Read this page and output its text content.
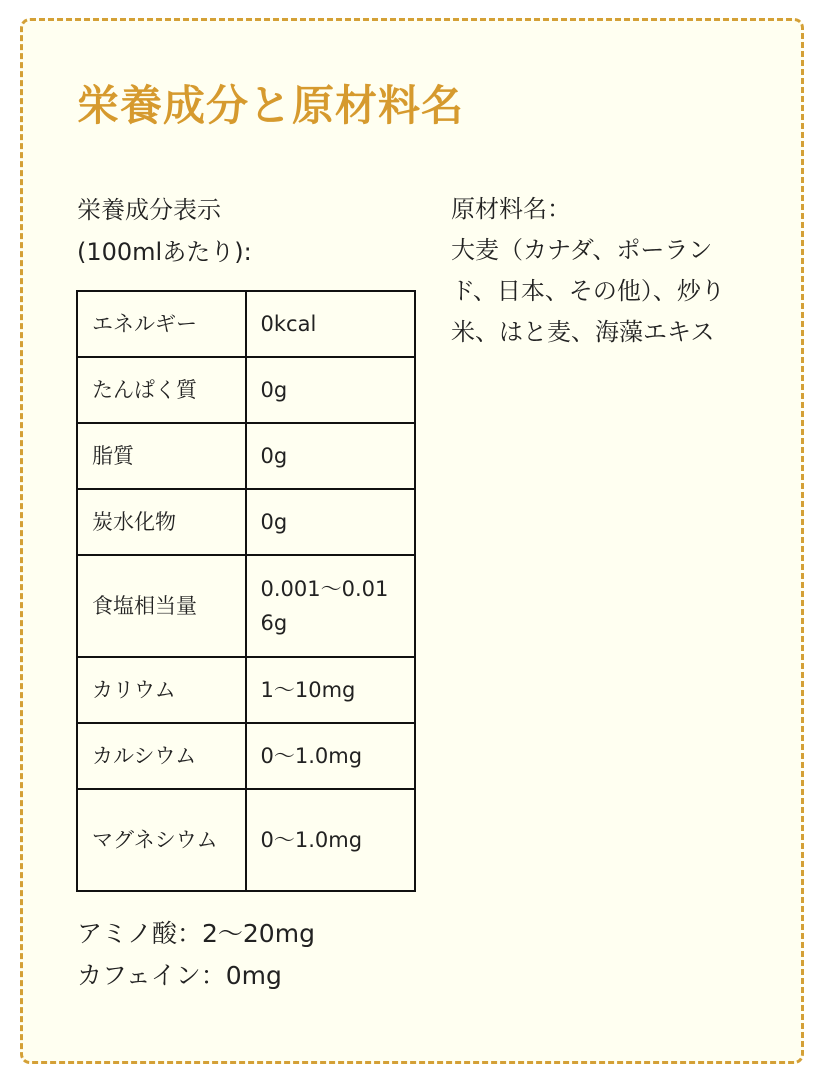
栄養成分と原材料名
栄養成分表示
(100mlあたり):
エネルギー	0kcal
たんぱく質	0g
脂質	0g
炭水化物	0g
食塩相当量	0.001～0.016g
カリウム	1～10mg
カルシウム	0～1.0mg
マグネシウム	0～1.0mg
アミノ酸：2～20mg
カフェイン：0mg
原材料名：
大麦（カナダ、ポーランド、日本、その他）、炒り米、はと麦、海藻エキス
